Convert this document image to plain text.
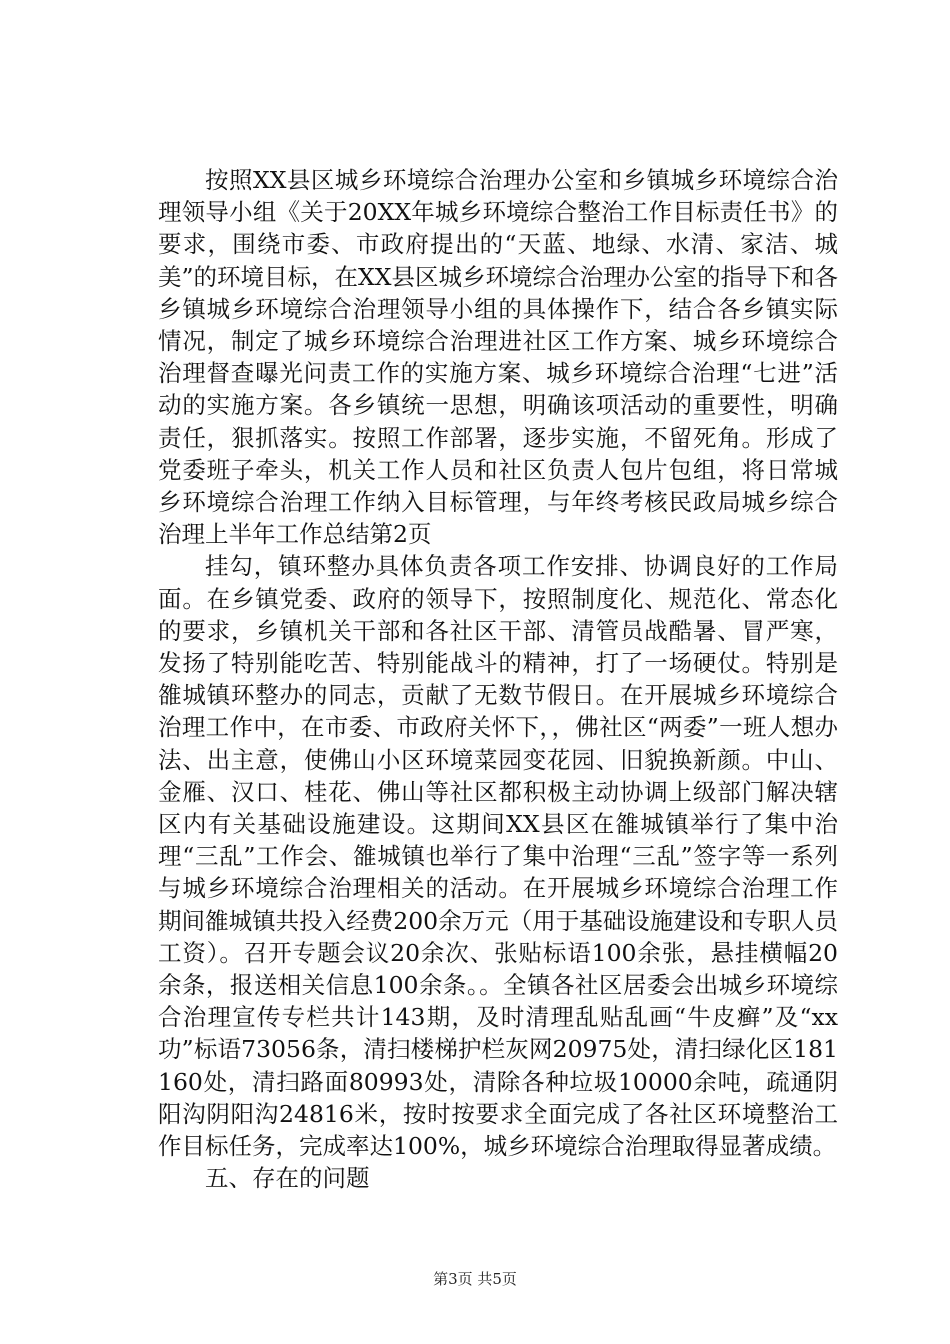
按照XX县区城乡环境综合治理办公室和乡镇城乡环境综合治理领导小组《关于20XX年城乡环境综合整治工作目标责任书》的要求，围绕市委、市政府提出的“天蓝、地绿、水清、家洁、城美”的环境目标，在XX县区城乡环境综合治理办公室的指导下和各乡镇城乡环境综合治理领导小组的具体操作下，结合各乡镇实际情况，制定了城乡环境综合治理进社区工作方案、城乡环境综合治理督查曝光问责工作的实施方案、城乡环境综合治理“七进”活动的实施方案。各乡镇统一思想，明确该项活动的重要性，明确责任，狠抓落实。按照工作部署，逐步实施，不留死角。形成了党委班子牵头，机关工作人员和社区负责人包片包组，将日常城乡环境综合治理工作纳入目标管理，与年终考核民政局城乡综合治理上半年工作总结第2页

挂勾，镇环整办具体负责各项工作安排、协调良好的工作局面。在乡镇党委、政府的领导下，按照制度化、规范化、常态化的要求，乡镇机关干部和各社区干部、清管员战酷暑、冒严寒，发扬了特别能吃苦、特别能战斗的精神，打了一场硬仗。特别是雒城镇环整办的同志，贡献了无数节假日。在开展城乡环境综合治理工作中，在市委、市政府关怀下，，佛社区“两委”一班人想办法、出主意，使佛山小区环境菜园变花园、旧貌换新颜。中山、金雁、汉口、桂花、佛山等社区都积极主动协调上级部门解决辖区内有关基础设施建设。这期间XX县区在雒城镇举行了集中治理“三乱”工作会、雒城镇也举行了集中治理“三乱”签字等一系列与城乡环境综合治理相关的活动。在开展城乡环境综合治理工作期间雒城镇共投入经费200余万元（用于基础设施建设和专职人员工资）。召开专题会议20余次、张贴标语100余张，悬挂横幅20余条，报送相关信息100余条。。全镇各社区居委会出城乡环境综合治理宣传专栏共计143期，及时清理乱贴乱画“牛皮癣”及“xx功”标语73056条，清扫楼梯护栏灰网20975处，清扫绿化区181160处，清扫路面80993处，清除各种垃圾10000余吨，疏通阴阳沟阴阳沟24816米，按时按要求全面完成了各社区环境整治工作目标任务，完成率达100%，城乡环境综合治理取得显著成绩。

五、存在的问题

第3页 共5页
